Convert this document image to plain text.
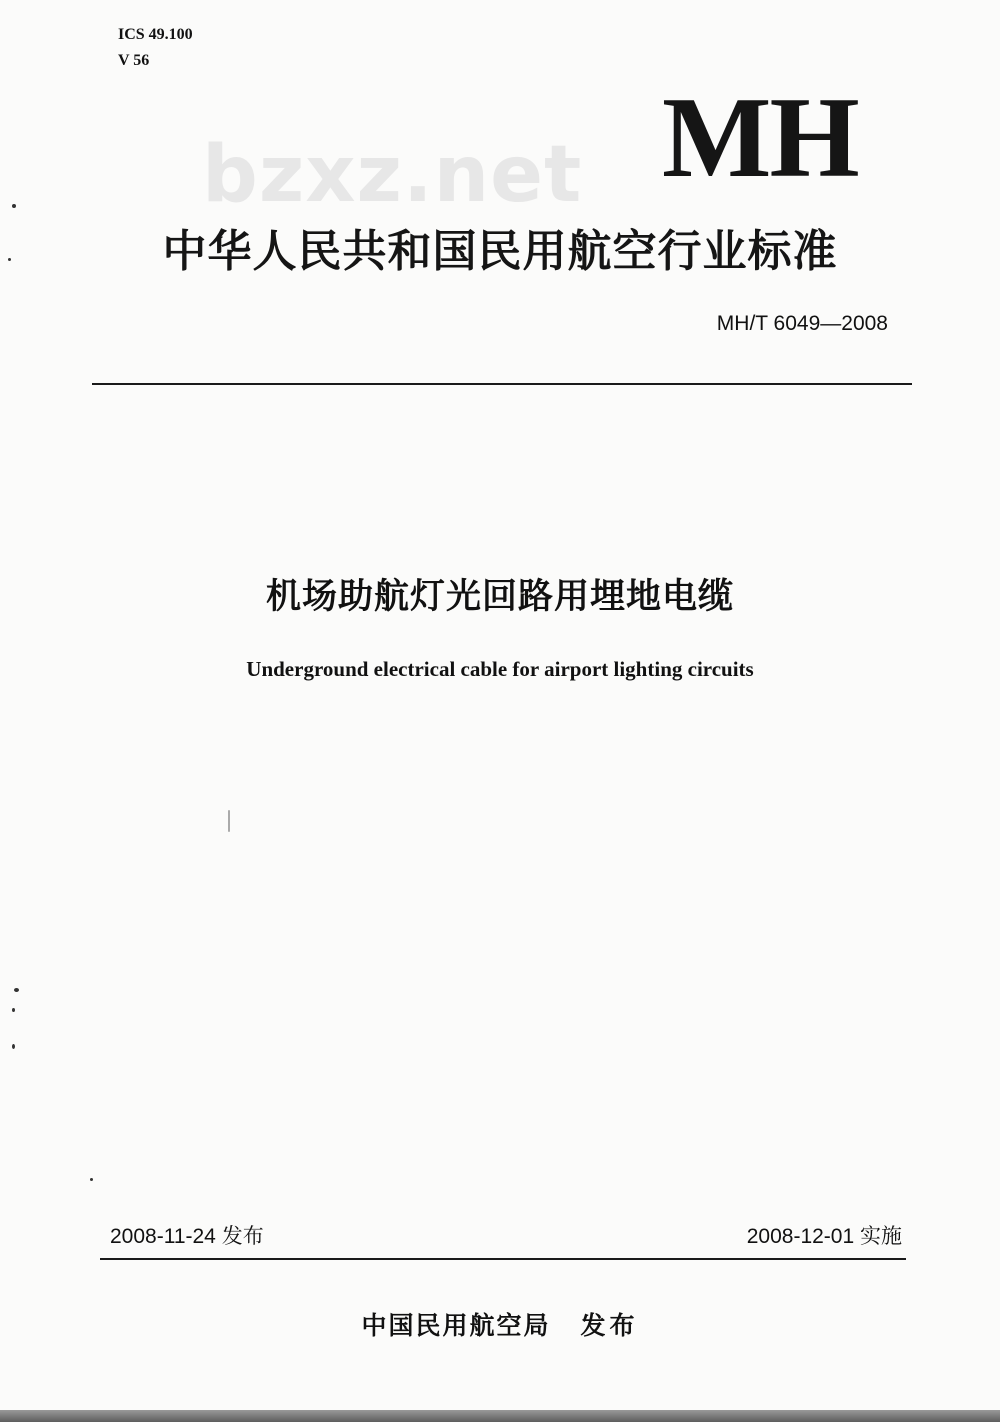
ICS 49.100
V 56
bzxz.net MH
中华人民共和国民用航空行业标准
MH/T 6049—2008
机场助航灯光回路用埋地电缆
Underground electrical cable for airport lighting circuits
2008-11-24 发布	2008-12-01 实施
中国民用航空局 发布
